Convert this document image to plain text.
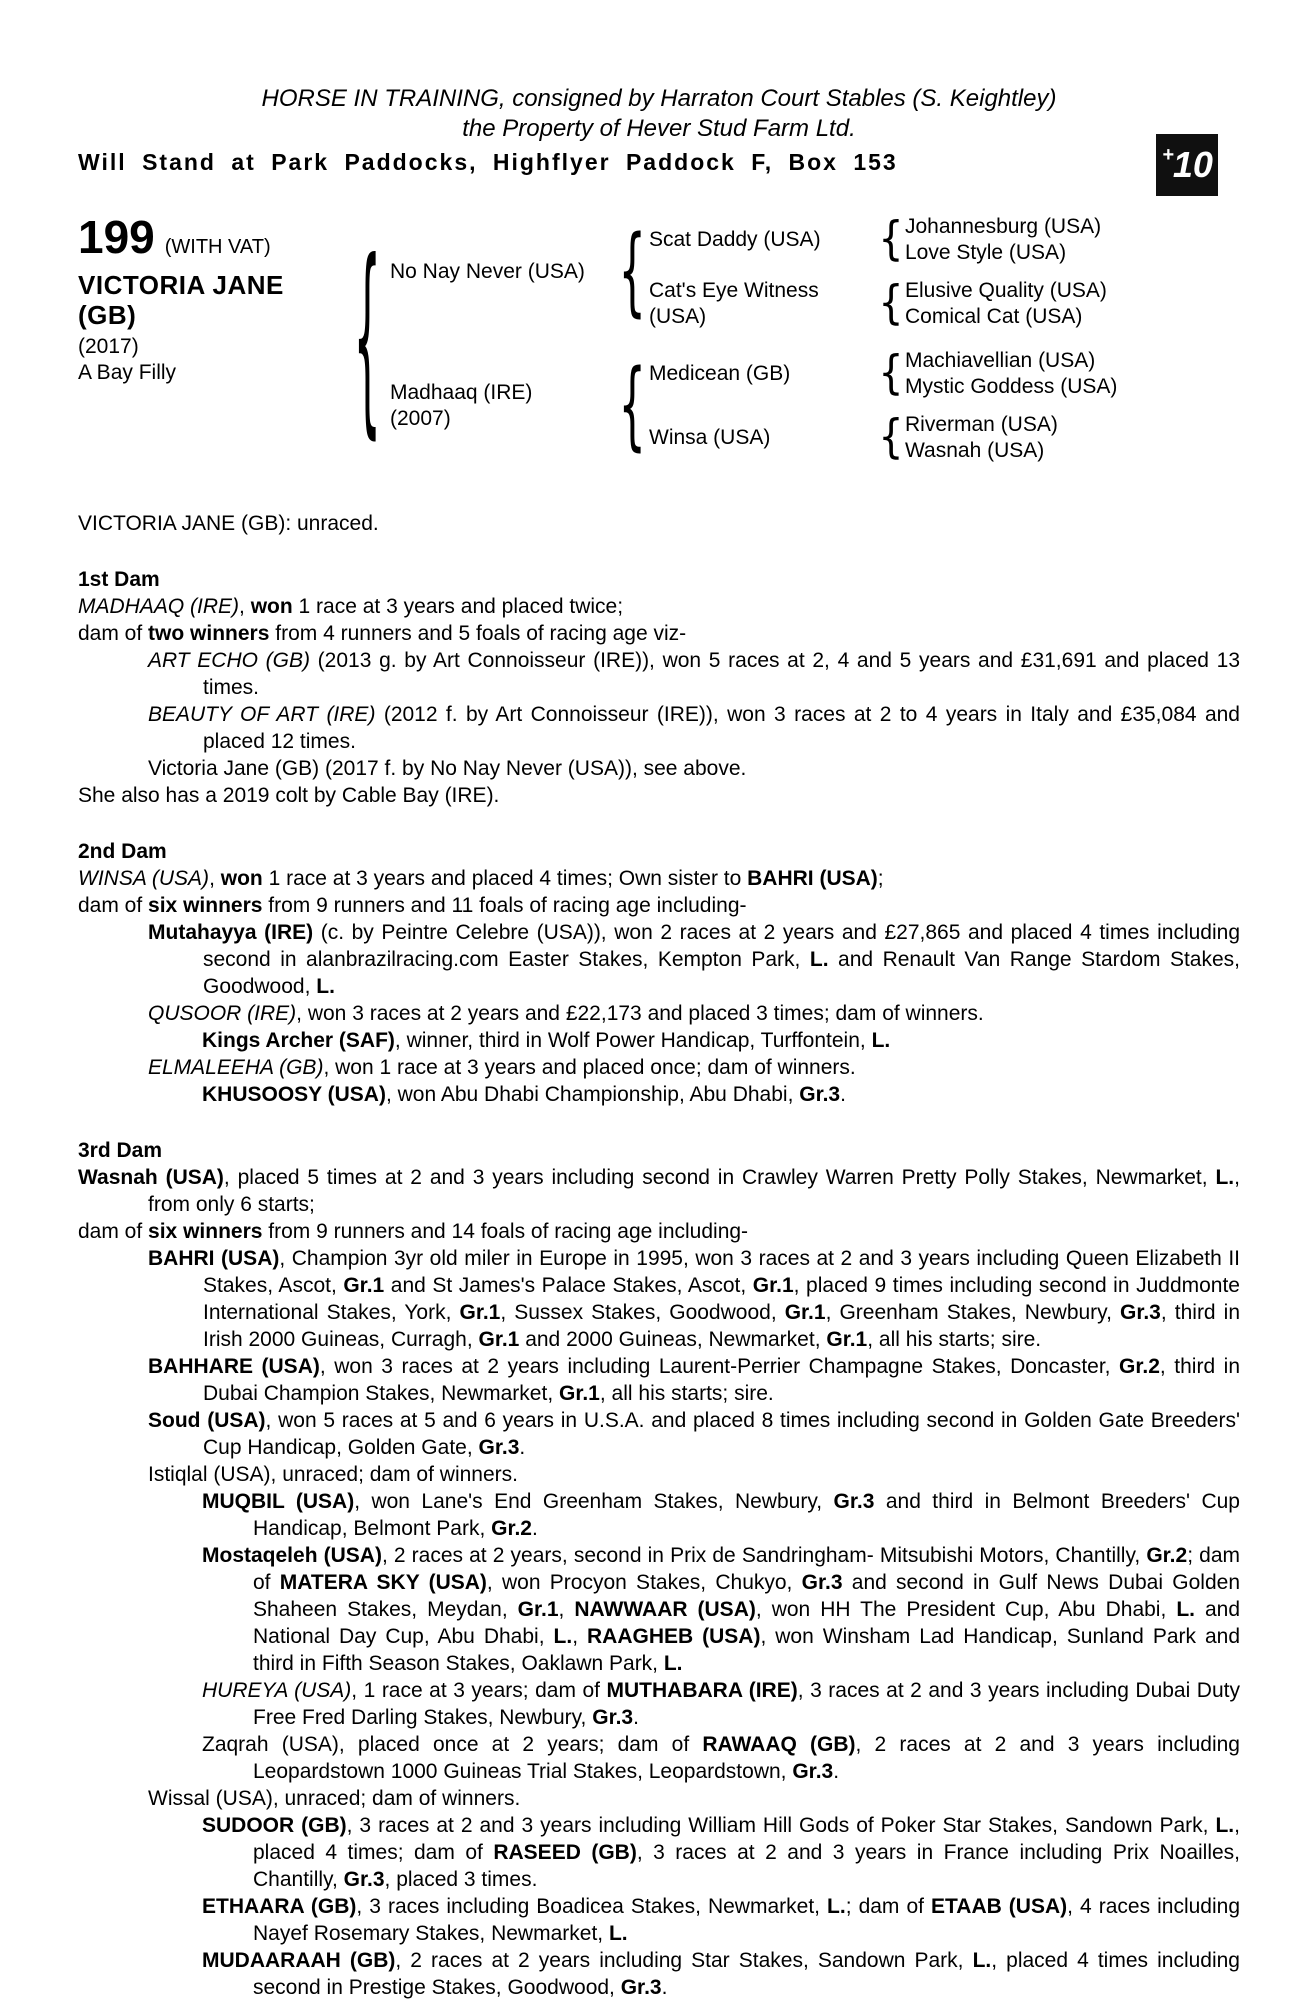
+ 10
HORSE IN TRAINING, consigned by Harraton Court Stables (S. Keightley)
the Property of Hever Stud Farm Ltd.
Will Stand at Park Paddocks, Highflyer Paddock F, Box 153
199 (WITH VAT)
VICTORIA JANE
(GB)
(2017)
A Bay Filly
{
No Nay Never (USA)
{
Scat Daddy (USA)
{
Johannesburg (USA)
Love Style (USA)
Cat's Eye Witness (USA)
{
Elusive Quality (USA)
Comical Cat (USA)
Madhaaq (IRE)
(2007)
{
Medicean (GB)
{
Machiavellian (USA)
Mystic Goddess (USA)
Winsa (USA)
{
Riverman (USA)
Wasnah (USA)

VICTORIA JANE (GB): unraced.

1st Dam

MADHAAQ (IRE), won 1 race at 3 years and placed twice;

dam of two winners from 4 runners and 5 foals of racing age viz-

ART ECHO (GB) (2013 g. by Art Connoisseur (IRE)), won 5 races at 2, 4 and 5 years and £31,691 and placed 13 times.

BEAUTY OF ART (IRE) (2012 f. by Art Connoisseur (IRE)), won 3 races at 2 to 4 years in Italy and £35,084 and placed 12 times.

Victoria Jane (GB) (2017 f. by No Nay Never (USA)), see above.

She also has a 2019 colt by Cable Bay (IRE).

2nd Dam

WINSA (USA), won 1 race at 3 years and placed 4 times; Own sister to BAHRI (USA);

dam of six winners from 9 runners and 11 foals of racing age including-

Mutahayya (IRE) (c. by Peintre Celebre (USA)), won 2 races at 2 years and £27,865 and placed 4 times including second in alanbrazilracing.com Easter Stakes, Kempton Park, L. and Renault Van Range Stardom Stakes, Goodwood, L.

QUSOOR (IRE), won 3 races at 2 years and £22,173 and placed 3 times; dam of winners.

Kings Archer (SAF), winner, third in Wolf Power Handicap, Turffontein, L.

ELMALEEHA (GB), won 1 race at 3 years and placed once; dam of winners.

KHUSOOSY (USA), won Abu Dhabi Championship, Abu Dhabi, Gr.3.

3rd Dam

Wasnah (USA), placed 5 times at 2 and 3 years including second in Crawley Warren Pretty Polly Stakes, Newmarket, L., from only 6 starts;

dam of six winners from 9 runners and 14 foals of racing age including-

BAHRI (USA), Champion 3yr old miler in Europe in 1995, won 3 races at 2 and 3 years including Queen Elizabeth II Stakes, Ascot, Gr.1 and St James's Palace Stakes, Ascot, Gr.1, placed 9 times including second in Juddmonte International Stakes, York, Gr.1, Sussex Stakes, Goodwood, Gr.1, Greenham Stakes, Newbury, Gr.3, third in Irish 2000 Guineas, Curragh, Gr.1 and 2000 Guineas, Newmarket, Gr.1, all his starts; sire.

BAHHARE (USA), won 3 races at 2 years including Laurent-Perrier Champagne Stakes, Doncaster, Gr.2, third in Dubai Champion Stakes, Newmarket, Gr.1, all his starts; sire.

Soud (USA), won 5 races at 5 and 6 years in U.S.A. and placed 8 times including second in Golden Gate Breeders' Cup Handicap, Golden Gate, Gr.3.

Istiqlal (USA), unraced; dam of winners.

MUQBIL (USA), won Lane's End Greenham Stakes, Newbury, Gr.3 and third in Belmont Breeders' Cup Handicap, Belmont Park, Gr.2.

Mostaqeleh (USA), 2 races at 2 years, second in Prix de Sandringham- Mitsubishi Motors, Chantilly, Gr.2; dam of MATERA SKY (USA), won Procyon Stakes, Chukyo, Gr.3 and second in Gulf News Dubai Golden Shaheen Stakes, Meydan, Gr.1, NAWWAAR (USA), won HH The President Cup, Abu Dhabi, L. and National Day Cup, Abu Dhabi, L., RAAGHEB (USA), won Winsham Lad Handicap, Sunland Park and third in Fifth Season Stakes, Oaklawn Park, L.

HUREYA (USA), 1 race at 3 years; dam of MUTHABARA (IRE), 3 races at 2 and 3 years including Dubai Duty Free Fred Darling Stakes, Newbury, Gr.3.

Zaqrah (USA), placed once at 2 years; dam of RAWAAQ (GB), 2 races at 2 and 3 years including Leopardstown 1000 Guineas Trial Stakes, Leopardstown, Gr.3.

Wissal (USA), unraced; dam of winners.

SUDOOR (GB), 3 races at 2 and 3 years including William Hill Gods of Poker Star Stakes, Sandown Park, L., placed 4 times; dam of RASEED (GB), 3 races at 2 and 3 years in France including Prix Noailles, Chantilly, Gr.3, placed 3 times.

ETHAARA (GB), 3 races including Boadicea Stakes, Newmarket, L.; dam of ETAAB (USA), 4 races including Nayef Rosemary Stakes, Newmarket, L.

MUDAARAAH (GB), 2 races at 2 years including Star Stakes, Sandown Park, L., placed 4 times including second in Prestige Stakes, Goodwood, Gr.3.
